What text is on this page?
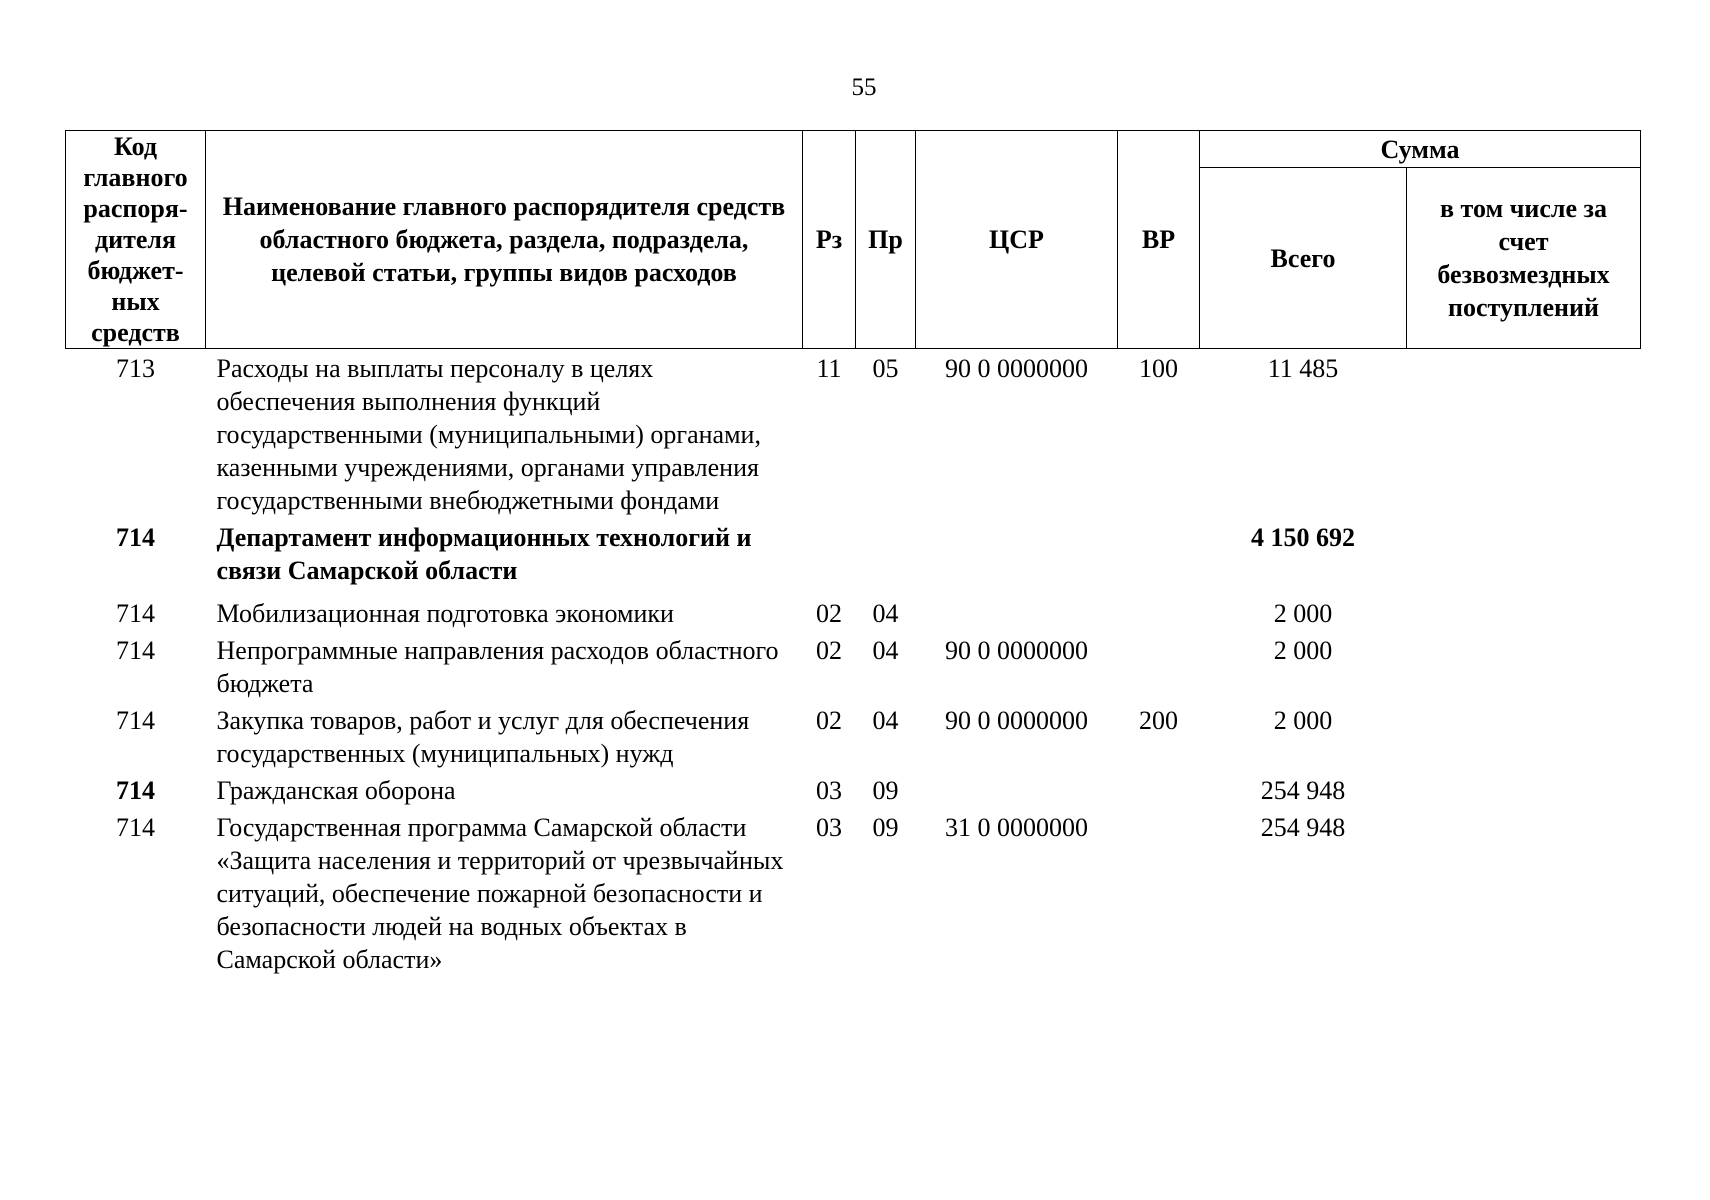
55
Код главного распоря-дителя бюджет-ных средств	Наименование главного распорядителя средств областного бюджета, раздела, подраздела, целевой статьи, группы видов расходов	Рз	Пр	ЦСР	ВР	Сумма	
						Всего	в том числе за счет безвозмездных поступлений
713	Расходы на выплаты персоналу в целях обеспечения выполнения функций государственными (муниципальными) органами, казенными учреждениями, органами управления государственными внебюджетными фондами	11	05	90 0 0000000	100	11 485	
714	Департамент информационных технологий и связи Самарской области					4 150 692	
714	Мобилизационная подготовка экономики	02	04			2 000	
714	Непрограммные направления расходов областного бюджета	02	04	90 0 0000000		2 000	
714	Закупка товаров, работ и услуг для обеспечения государственных (муниципальных) нужд	02	04	90 0 0000000	200	2 000	
714	Гражданская оборона	03	09			254 948	
714	Государственная программа Самарской области «Защита населения и территорий от чрезвычайных ситуаций, обеспечение пожарной безопасности и безопасности людей на водных объектах в Самарской области»	03	09	31 0 0000000		254 948	
